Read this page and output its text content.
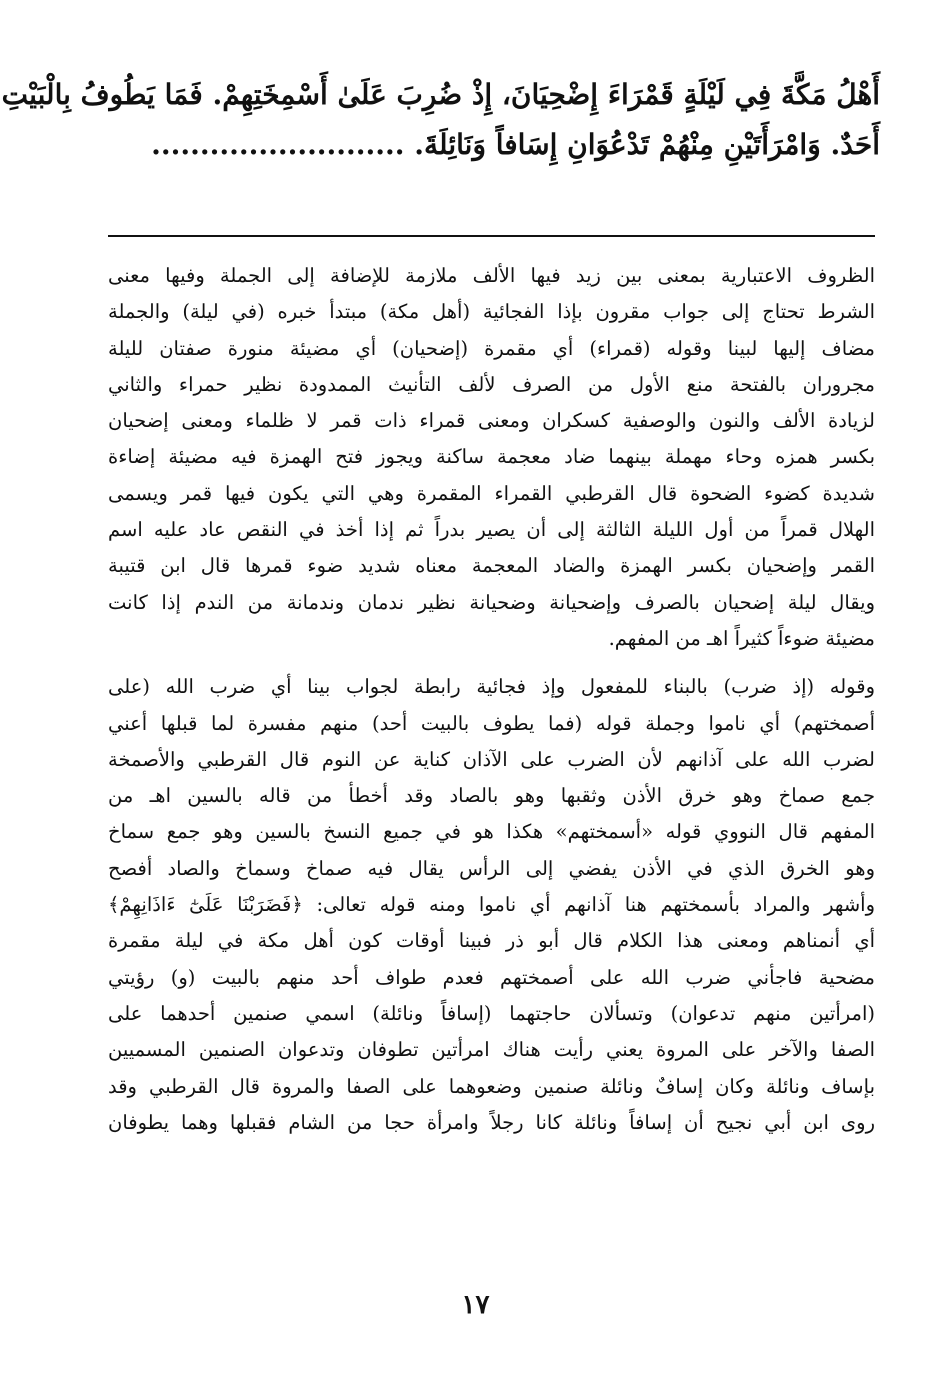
أَهْلُ مَكَّةَ فِي لَيْلَةٍ قَمْرَاءَ إِضْحِيَانَ، إِذْ ضُرِبَ عَلَىٰ أَسْمِخَتِهِمْ. فَمَا يَطُوفُ بِالْبَيْتِ
أَحَدٌ. وَامْرَأَتَيْنِ مِنْهُمْ تَدْعُوَانِ إِسَافاً وَنَائِلَةَ. ..........................
الظروف الاعتبارية بمعنى بين زيد فيها الألف ملازمة للإضافة إلى الجملة وفيها معنى
الشرط تحتاج إلى جواب مقرون بإذا الفجائية (أهل مكة) مبتدأ خبره (في ليلة) والجملة
مضاف إليها لبينا وقوله (قمراء) أي مقمرة (إضحيان) أي مضيئة منورة صفتان لليلة
مجروران بالفتحة منع الأول من الصرف لألف التأنيث الممدودة نظير حمراء والثاني
لزيادة الألف والنون والوصفية كسكران ومعنى قمراء ذات قمر لا ظلماء ومعنى إضحيان
بكسر همزه وحاء مهملة بينهما ضاد معجمة ساكنة ويجوز فتح الهمزة فيه مضيئة إضاءة
شديدة كضوء الضحوة قال القرطبي القمراء المقمرة وهي التي يكون فيها قمر ويسمى
الهلال قمراً من أول الليلة الثالثة إلى أن يصير بدراً ثم إذا أخذ في النقص عاد عليه اسم
القمر وإضحيان بكسر الهمزة والضاد المعجمة معناه شديد ضوء قمرها قال ابن قتيبة
ويقال ليلة إضحيان بالصرف وإضحيانة وضحيانة نظير ندمان وندمانة من الندم إذا كانت
مضيئة ضوءاً كثيراً اهـ من المفهم.
وقوله (إذ ضرب) بالبناء للمفعول وإذ فجائية رابطة لجواب بينا أي ضرب الله (على
أصمختهم) أي ناموا وجملة قوله (فما يطوف بالبيت أحد) منهم مفسرة لما قبلها أعني
لضرب الله على آذانهم لأن الضرب على الآذان كناية عن النوم قال القرطبي والأصمخة
جمع صماخ وهو خرق الأذن وثقبها وهو بالصاد وقد أخطأ من قاله بالسين اهـ من
المفهم قال النووي قوله «أسمختهم» هكذا هو في جميع النسخ بالسين وهو جمع سماخ
وهو الخرق الذي في الأذن يفضي إلى الرأس يقال فيه صماخ وسماخ والصاد أفصح
وأشهر والمراد بأسمختهم هنا آذانهم أي ناموا ومنه قوله تعالى: ﴿فَضَرَبْنَا عَلَىٰٓ ءَاذَانِهِمْ﴾
أي أنمناهم ومعنى هذا الكلام قال أبو ذر فبينا أوقات كون أهل مكة في ليلة مقمرة
مضحية فاجأني ضرب الله على أصمختهم فعدم طواف أحد منهم بالبيت (و) رؤيتي
(امرأتين منهم تدعوان) وتسألان حاجتهما (إسافاً ونائلة) اسمي صنمين أحدهما على
الصفا والآخر على المروة يعني رأيت هناك امرأتين تطوفان وتدعوان الصنمين المسميين
بإساف ونائلة وكان إسافٌ ونائلة صنمين وضعوهما على الصفا والمروة قال القرطبي وقد
روى ابن أبي نجيح أن إسافاً ونائلة كانا رجلاً وامرأة حجا من الشام فقبلها وهما يطوفان
١٧
